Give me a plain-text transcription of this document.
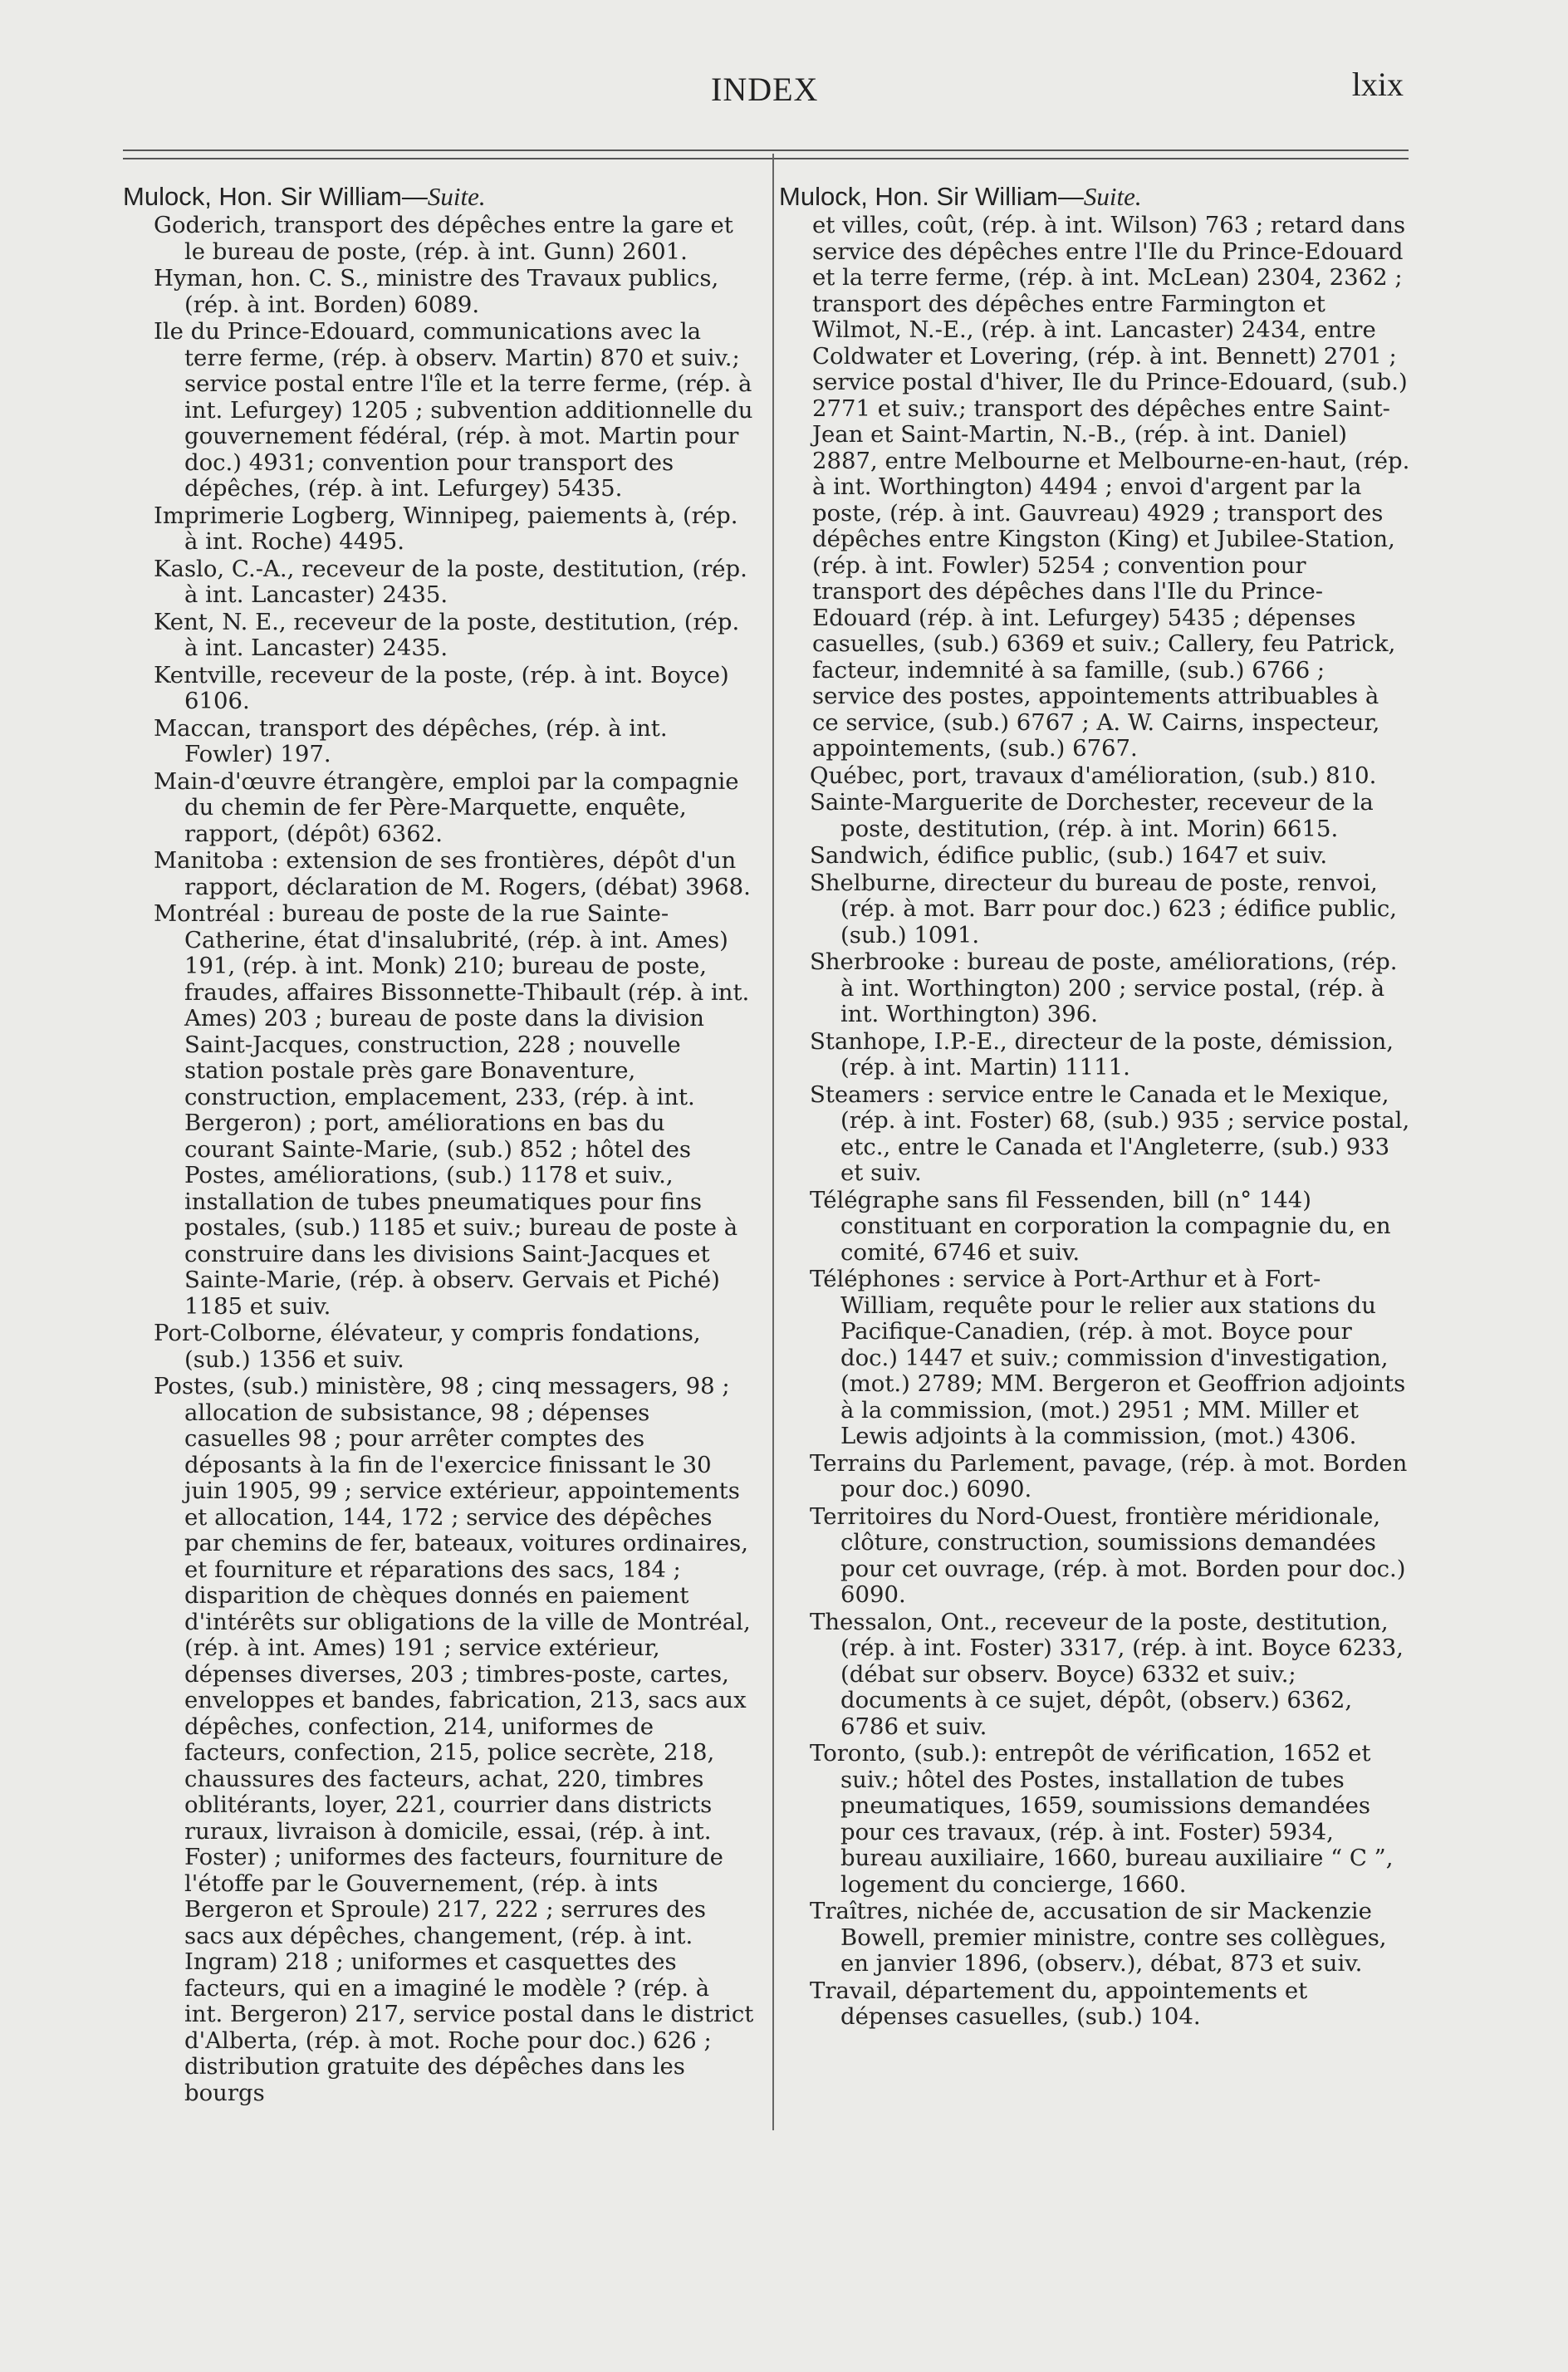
INDEX	lxix
Mulock, Hon. Sir William—Suite.
Goderich, transport des dépêches entre la gare et le bureau de poste, (rép. à int. Gunn) 2601.
Hyman, hon. C. S., ministre des Travaux publics, (rép. à int. Borden) 6089.
Ile du Prince-Edouard, communications avec la terre ferme, (rép. à observ. Martin) 870 et suiv.; service postal entre l'île et la terre ferme, (rép. à int. Lefurgey) 1205 ; subvention additionnelle du gouvernement fédéral, (rép. à mot. Martin pour doc.) 4931; convention pour transport des dépêches, (rép. à int. Lefurgey) 5435.
Imprimerie Logberg, Winnipeg, paiements à, (rép. à int. Roche) 4495.
Kaslo, C.-A., receveur de la poste, destitution, (rép. à int. Lancaster) 2435.
Kent, N. E., receveur de la poste, destitution, (rép. à int. Lancaster) 2435.
Kentville, receveur de la poste, (rép. à int. Boyce) 6106.
Maccan, transport des dépêches, (rép. à int. Fowler) 197.
Main-d'œuvre étrangère, emploi par la compagnie du chemin de fer Père-Marquette, enquête, rapport, (dépôt) 6362.
Manitoba : extension de ses frontières, dépôt d'un rapport, déclaration de M. Rogers, (débat) 3968.
Montréal : bureau de poste de la rue Sainte-Catherine, état d'insalubrité, (rép. à int. Ames) 191, (rép. à int. Monk) 210; bureau de poste, fraudes, affaires Bissonnette-Thibault (rép. à int. Ames) 203 ; bureau de poste dans la division Saint-Jacques, construction, 228 ; nouvelle station postale près gare Bonaventure, construction, emplacement, 233, (rép. à int. Bergeron) ; port, améliorations en bas du courant Sainte-Marie, (sub.) 852 ; hôtel des Postes, améliorations, (sub.) 1178 et suiv., installation de tubes pneumatiques pour fins postales, (sub.) 1185 et suiv.; bureau de poste à construire dans les divisions Saint-Jacques et Sainte-Marie, (rép. à observ. Gervais et Piché) 1185 et suiv.
Port-Colborne, élévateur, y compris fondations, (sub.) 1356 et suiv.
Postes, (sub.) ministère, 98 ; cinq messagers, 98 ; allocation de subsistance, 98 ; dépenses casuelles 98 ; pour arrêter comptes des déposants à la fin de l'exercice finissant le 30 juin 1905, 99 ; service extérieur, appointements et allocation, 144, 172 ; service des dépêches par chemins de fer, bateaux, voitures ordinaires, et fourniture et réparations des sacs, 184 ; disparition de chèques donnés en paiement d'intérêts sur obligations de la ville de Montréal, (rép. à int. Ames) 191 ; service extérieur, dépenses diverses, 203 ; timbres-poste, cartes, enveloppes et bandes, fabrication, 213, sacs aux dépêches, confection, 214, uniformes de facteurs, confection, 215, police secrète, 218, chaussures des facteurs, achat, 220, timbres oblitérants, loyer, 221, courrier dans districts ruraux, livraison à domicile, essai, (rép. à int. Foster) ; uniformes des facteurs, fourniture de l'étoffe par le Gouvernement, (rép. à ints Bergeron et Sproule) 217, 222 ; serrures des sacs aux dépêches, changement, (rép. à int. Ingram) 218 ; uniformes et casquettes des facteurs, qui en a imaginé le modèle ? (rép. à int. Bergeron) 217, service postal dans le district d'Alberta, (rép. à mot. Roche pour doc.) 626 ; distribution gratuite des dépêches dans les bourgs
Mulock, Hon. Sir William—Suite.
et villes, coût, (rép. à int. Wilson) 763 ; retard dans service des dépêches entre l'Ile du Prince-Edouard et la terre ferme, (rép. à int. McLean) 2304, 2362 ; transport des dépêches entre Farmington et Wilmot, N.-E., (rép. à int. Lancaster) 2434, entre Coldwater et Lovering, (rép. à int. Bennett) 2701 ; service postal d'hiver, Ile du Prince-Edouard, (sub.) 2771 et suiv.; transport des dépêches entre Saint-Jean et Saint-Martin, N.-B., (rép. à int. Daniel) 2887, entre Melbourne et Melbourne-en-haut, (rép. à int. Worthington) 4494 ; envoi d'argent par la poste, (rép. à int. Gauvreau) 4929 ; transport des dépêches entre Kingston (King) et Jubilee-Station, (rép. à int. Fowler) 5254 ; convention pour transport des dépêches dans l'Ile du Prince-Edouard (rép. à int. Lefurgey) 5435 ; dépenses casuelles, (sub.) 6369 et suiv.; Callery, feu Patrick, facteur, indemnité à sa famille, (sub.) 6766 ; service des postes, appointements attribuables à ce service, (sub.) 6767 ; A. W. Cairns, inspecteur, appointements, (sub.) 6767.
Québec, port, travaux d'amélioration, (sub.) 810.
Sainte-Marguerite de Dorchester, receveur de la poste, destitution, (rép. à int. Morin) 6615.
Sandwich, édifice public, (sub.) 1647 et suiv.
Shelburne, directeur du bureau de poste, renvoi, (rép. à mot. Barr pour doc.) 623 ; édifice public, (sub.) 1091.
Sherbrooke : bureau de poste, améliorations, (rép. à int. Worthington) 200 ; service postal, (rép. à int. Worthington) 396.
Stanhope, I.P.-E., directeur de la poste, démission, (rép. à int. Martin) 1111.
Steamers : service entre le Canada et le Mexique, (rép. à int. Foster) 68, (sub.) 935 ; service postal, etc., entre le Canada et l'Angleterre, (sub.) 933 et suiv.
Télégraphe sans fil Fessenden, bill (n° 144) constituant en corporation la compagnie du, en comité, 6746 et suiv.
Téléphones : service à Port-Arthur et à Fort-William, requête pour le relier aux stations du Pacifique-Canadien, (rép. à mot. Boyce pour doc.) 1447 et suiv.; commission d'investigation, (mot.) 2789; MM. Bergeron et Geoffrion adjoints à la commission, (mot.) 2951 ; MM. Miller et Lewis adjoints à la commission, (mot.) 4306.
Terrains du Parlement, pavage, (rép. à mot. Borden pour doc.) 6090.
Territoires du Nord-Ouest, frontière méridionale, clôture, construction, soumissions demandées pour cet ouvrage, (rép. à mot. Borden pour doc.) 6090.
Thessalon, Ont., receveur de la poste, destitution, (rép. à int. Foster) 3317, (rép. à int. Boyce 6233, (débat sur observ. Boyce) 6332 et suiv.; documents à ce sujet, dépôt, (observ.) 6362, 6786 et suiv.
Toronto, (sub.): entrepôt de vérification, 1652 et suiv.; hôtel des Postes, installation de tubes pneumatiques, 1659, soumissions demandées pour ces travaux, (rép. à int. Foster) 5934, bureau auxiliaire, 1660, bureau auxiliaire “ C ”, logement du concierge, 1660.
Traîtres, nichée de, accusation de sir Mackenzie Bowell, premier ministre, contre ses collègues, en janvier 1896, (observ.), débat, 873 et suiv.
Travail, département du, appointements et dépenses casuelles, (sub.) 104.
